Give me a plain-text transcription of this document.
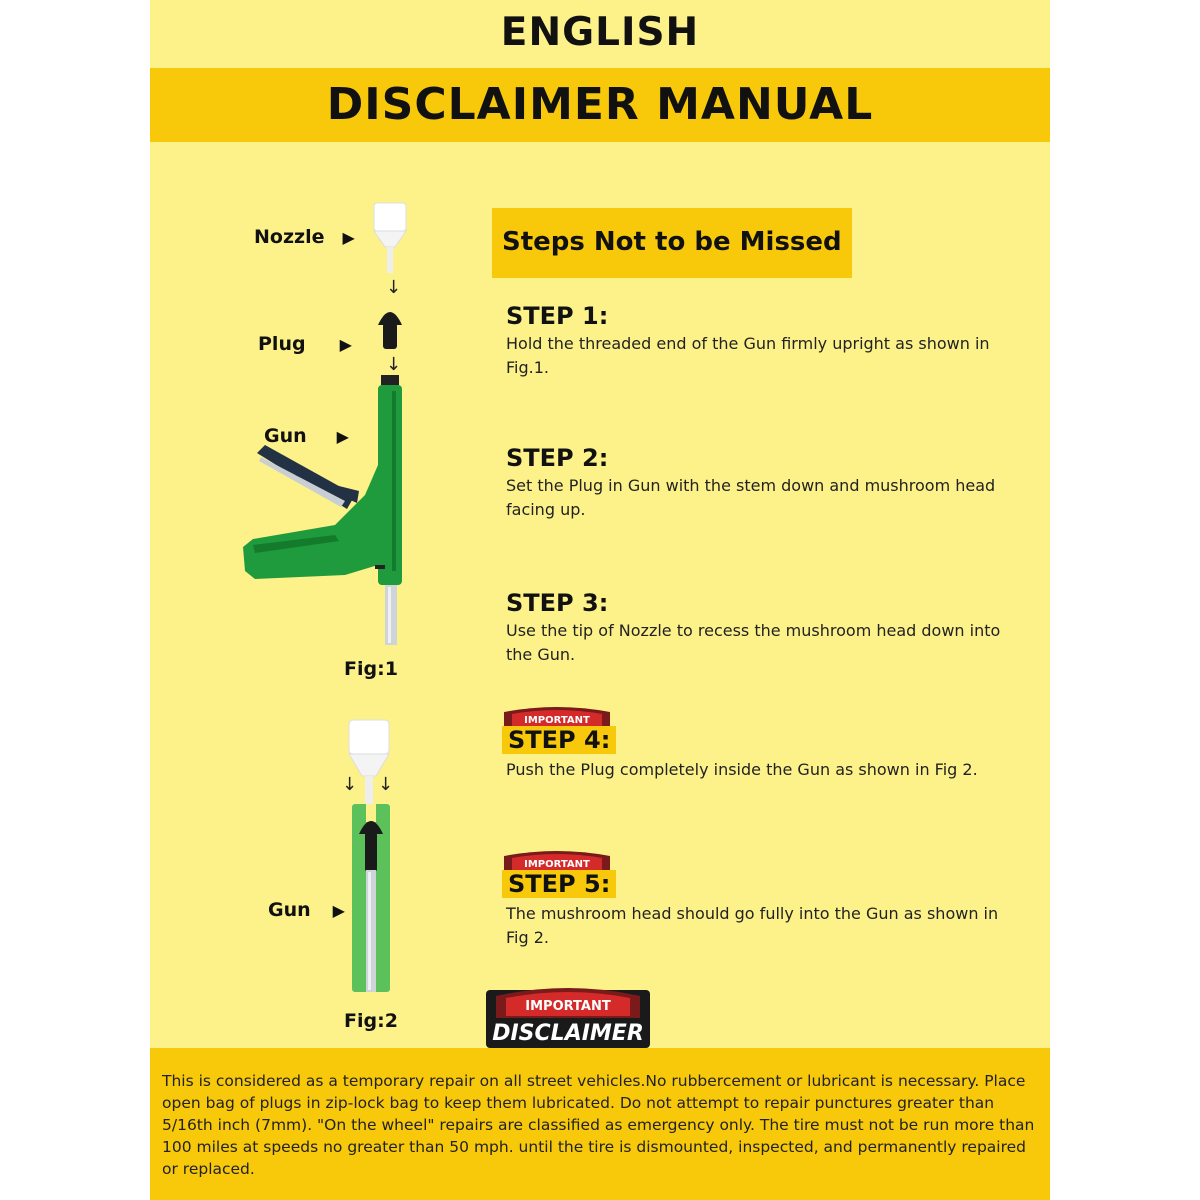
ENGLISH
DISCLAIMER MANUAL
Nozzle ▶
Plug ▶
Gun ▶
↓
↓
Fig:1
Gun ▶
↓ ↓
Fig:2
Steps Not to be Missed

STEP 1:

Hold the threaded end of the Gun firmly upright as shown in Fig.1.

STEP 2:

Set the Plug in Gun with the stem down and mushroom head facing up.

STEP 3:

Use the tip of Nozzle to recess the mushroom head down into the Gun.

IMPORTANT

STEP 4:

Push the Plug completely inside the Gun as shown in Fig 2.

IMPORTANT

STEP 5:

The mushroom head should go fully into the Gun as shown in Fig 2.

IMPORTANT
DISCLAIMER

This is considered as a temporary repair on all street vehicles.No rubbercement or lubricant is necessary. Place open bag of plugs in zip-lock bag to keep them lubricated. Do not attempt to repair punctures greater than 5/16th inch (7mm). "On the wheel" repairs are classified as emergency only. The tire must not be run more than 100 miles at speeds no greater than 50 mph. until the tire is dismounted, inspected, and permanently repaired or replaced.
